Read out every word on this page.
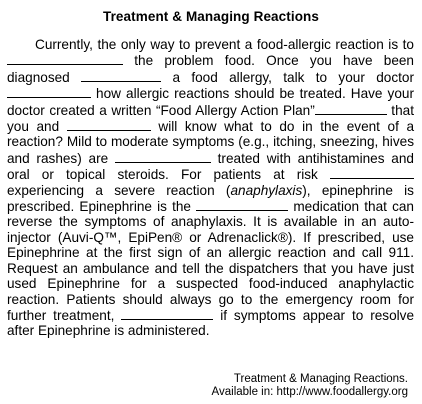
Treatment & Managing Reactions
Currently, the only way to prevent a food-allergic reaction is to  the problem food. Once you have been diagnosed	a food allergy, talk to your doctor  how allergic reactions should be treated. Have your doctor created a written “Food Allergy Action Plan”	that you and	will know what to do in the event of a reaction? Mild to moderate symptoms (e.g., itching, sneezing, hives and rashes) are	treated with antihistamines and oral or topical steroids. For patients at risk  experiencing a severe reaction (anaphylaxis), epinephrine is prescribed. Epinephrine is the	medication that can reverse the symptoms of anaphylaxis. It is available in an auto-injector (Auvi-Q™, EpiPen® or Adrenaclick®). If prescribed, use Epinephrine at the first sign of an allergic reaction and call 911. Request an ambulance and tell the dispatchers that you have just used Epinephrine for a suspected food-induced anaphylactic reaction. Patients should always go to the emergency room for further treatment,	if symptoms appear to resolve after Epinephrine is administered.
Treatment & Managing Reactions.
Available in: http://www.foodallergy.org
